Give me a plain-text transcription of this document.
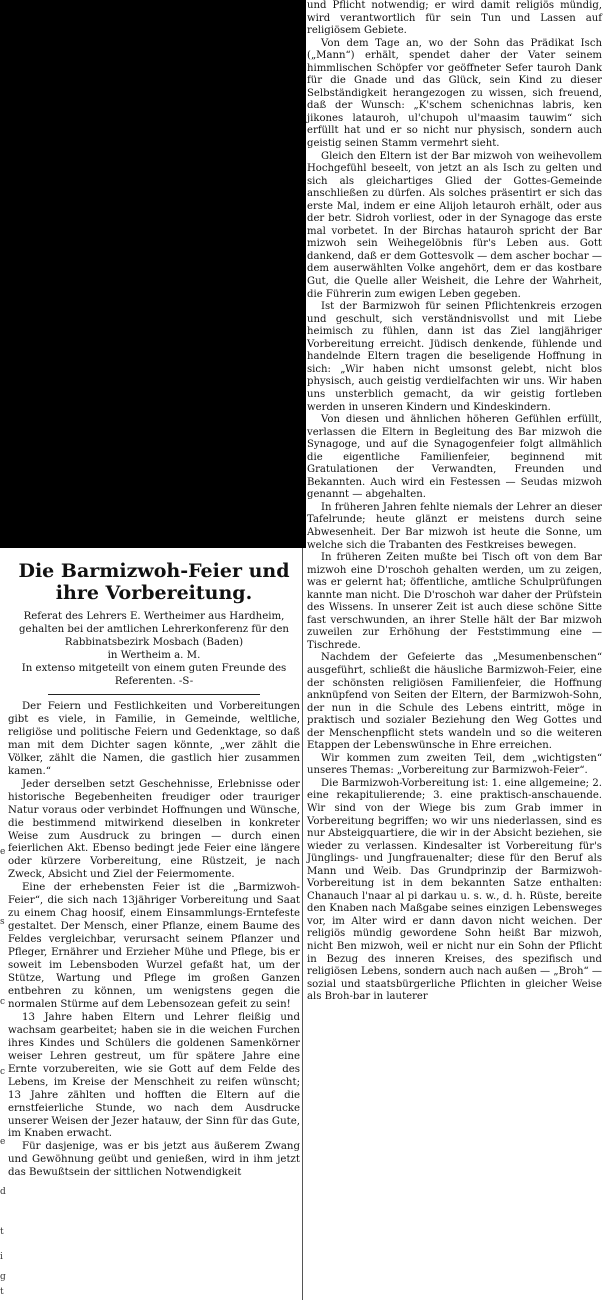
e
s
c
c
e
d
t
i
g
t
Die Barmizwoh-Feier und ihre Vorbereitung.
Referat des Lehrers E. Wertheimer aus Hardheim, gehalten bei der amtlichen Lehrerkonferenz für den Rabbinatsbezirk Mosbach (Baden)
in Wertheim a. M.
In extenso mitgeteilt von einem guten Freunde des Referenten. -S-

Der Feiern und Festlichkeiten und Vorbereitungen gibt es viele, in Familie, in Gemeinde, weltliche, religiöse und politische Feiern und Gedenktage, so daß man mit dem Dichter sagen könnte, „wer zählt die Völker, zählt die Namen, die gastlich hier zusammen kamen.“

Jeder derselben setzt Geschehnisse, Erlebnisse oder historische Begebenheiten freudiger oder trauriger Natur voraus oder verbindet Hoffnungen und Wünsche, die bestimmend mitwirkend dieselben in konkreter Weise zum Ausdruck zu bringen — durch einen feierlichen Akt. Ebenso bedingt jede Feier eine längere oder kürzere Vorbereitung, eine Rüstzeit, je nach Zweck, Absicht und Ziel der Feiermomente.

Eine der erhebensten Feier ist die „Barmizwoh-Feier“, die sich nach 13jähriger Vorbereitung und Saat zu einem Chag hoosif, einem Einsammlungs-Erntefeste gestaltet. Der Mensch, einer Pflanze, einem Baume des Feldes vergleichbar, verursacht seinem Pflanzer und Pfleger, Ernährer und Erzieher Mühe und Pflege, bis er soweit im Lebensboden Wurzel gefaßt hat, um der Stütze, Wartung und Pflege im großen Ganzen entbehren zu können, um wenigstens gegen die normalen Stürme auf dem Lebensozean gefeit zu sein!

13 Jahre haben Eltern und Lehrer fleißig und wachsam gearbeitet; haben sie in die weichen Furchen ihres Kindes und Schülers die goldenen Samenkörner weiser Lehren gestreut, um für spätere Jahre eine Ernte vorzubereiten, wie sie Gott auf dem Felde des Lebens, im Kreise der Menschheit zu reifen wünscht; 13 Jahre zählten und hofften die Eltern auf die ernstfeierliche Stunde, wo nach dem Ausdrucke unserer Weisen der Jezer hatauw, der Sinn für das Gute, im Knaben erwacht.

Für dasjenige, was er bis jetzt aus äußerem Zwang und Gewöhnung geübt und genießen, wird in ihm jetzt das Bewußtsein der sittlichen Notwendigkeit

und Pflicht notwendig; er wird damit religiös mündig, wird verantwortlich für sein Tun und Lassen auf religiösem Gebiete.

Von dem Tage an, wo der Sohn das Prädikat Isch („Mann“) erhält, spendet daher der Vater seinem himmlischen Schöpfer vor geöffneter Sefer tauroh Dank für die Gnade und das Glück, sein Kind zu dieser Selbständigkeit herangezogen zu wissen, sich freuend, daß der Wunsch: „K'schem schenichnas labris, ken jikones latauroh, ul'chupoh ul'maasim tauwim“ sich erfüllt hat und er so nicht nur physisch, sondern auch geistig seinen Stamm vermehrt sieht.

Gleich den Eltern ist der Bar mizwoh von weihevollem Hochgefühl beseelt, von jetzt an als Isch zu gelten und sich als gleichartiges Glied der Gottes-Gemeinde anschließen zu dürfen. Als solches präsentirt er sich das erste Mal, indem er eine Alijoh letauroh erhält, oder aus der betr. Sidroh vorliest, oder in der Synagoge das erste mal vorbetet. In der Birchas hatauroh spricht der Bar mizwoh sein Weihegelöbnis für's Leben aus. Gott dankend, daß er dem Gottesvolk — dem ascher bochar — dem auserwählten Volke angehört, dem er das kostbare Gut, die Quelle aller Weisheit, die Lehre der Wahrheit, die Führerin zum ewigen Leben gegeben.

Ist der Barmizwoh für seinen Pflichtenkreis erzogen und geschult, sich verständnisvollst und mit Liebe heimisch zu fühlen, dann ist das Ziel langjähriger Vorbereitung erreicht. Jüdisch denkende, fühlende und handelnde Eltern tragen die beseligende Hoffnung in sich: „Wir haben nicht umsonst gelebt, nicht blos physisch, auch geistig verdielfachten wir uns. Wir haben uns unsterblich gemacht, da wir geistig fortleben werden in unseren Kindern und Kindeskindern.

Von diesen und ähnlichen höheren Gefühlen erfüllt, verlassen die Eltern in Begleitung des Bar mizwoh die Synagoge, und auf die Synagogenfeier folgt allmählich die eigentliche Familienfeier, beginnend mit Gratulationen der Verwandten, Freunden und Bekannten. Auch wird ein Festessen — Seudas mizwoh genannt — abgehalten.

In früheren Jahren fehlte niemals der Lehrer an dieser Tafelrunde; heute glänzt er meistens durch seine Abwesenheit. Der Bar mizwoh ist heute die Sonne, um welche sich die Trabanten des Festkreises bewegen.

In früheren Zeiten mußte bei Tisch oft von dem Bar mizwoh eine D'roschoh gehalten werden, um zu zeigen, was er gelernt hat; öffentliche, amtliche Schulprüfungen kannte man nicht. Die D'roschoh war daher der Prüfstein des Wissens. In unserer Zeit ist auch diese schöne Sitte fast verschwunden, an ihrer Stelle hält der Bar mizwoh zuweilen zur Erhöhung der Feststimmung eine — Tischrede.

Nachdem der Gefeierte das „Mesumenbenschen“ ausgeführt, schließt die häusliche Barmizwoh-Feier, eine der schönsten religiösen Familienfeier, die Hoffnung anknüpfend von Seiten der Eltern, der Barmizwoh-Sohn, der nun in die Schule des Lebens eintritt, möge in praktisch und sozialer Beziehung den Weg Gottes und der Menschenpflicht stets wandeln und so die weiteren Etappen der Lebenswünsche in Ehre erreichen.

Wir kommen zum zweiten Teil, dem „wichtigsten“ unseres Themas: „Vorbereitung zur Barmizwoh-Feier“.

Die Barmizwoh-Vorbereitung ist: 1. eine allgemeine; 2. eine rekapitulierende; 3. eine praktisch-anschauende. Wir sind von der Wiege bis zum Grab immer in Vorbereitung begriffen; wo wir uns niederlassen, sind es nur Absteigquartiere, die wir in der Absicht beziehen, sie wieder zu verlassen. Kindesalter ist Vorbereitung für's Jünglings- und Jungfrauenalter; diese für den Beruf als Mann und Weib. Das Grundprinzip der Barmizwoh-Vorbereitung ist in dem bekannten Satze enthalten: Chanauch l'naar al pi darkau u. s. w., d. h. Rüste, bereite den Knaben nach Maßgabe seines einzigen Lebensweges vor, im Alter wird er dann davon nicht weichen. Der religiös mündig gewordene Sohn heißt Bar mizwoh, nicht Ben mizwoh, weil er nicht nur ein Sohn der Pflicht in Bezug des inneren Kreises, des spezifisch und religiösen Lebens, sondern auch nach außen — „Broh“ — sozial und staatsbürgerliche Pflichten in gleicher Weise als Broh-bar in lauterer
